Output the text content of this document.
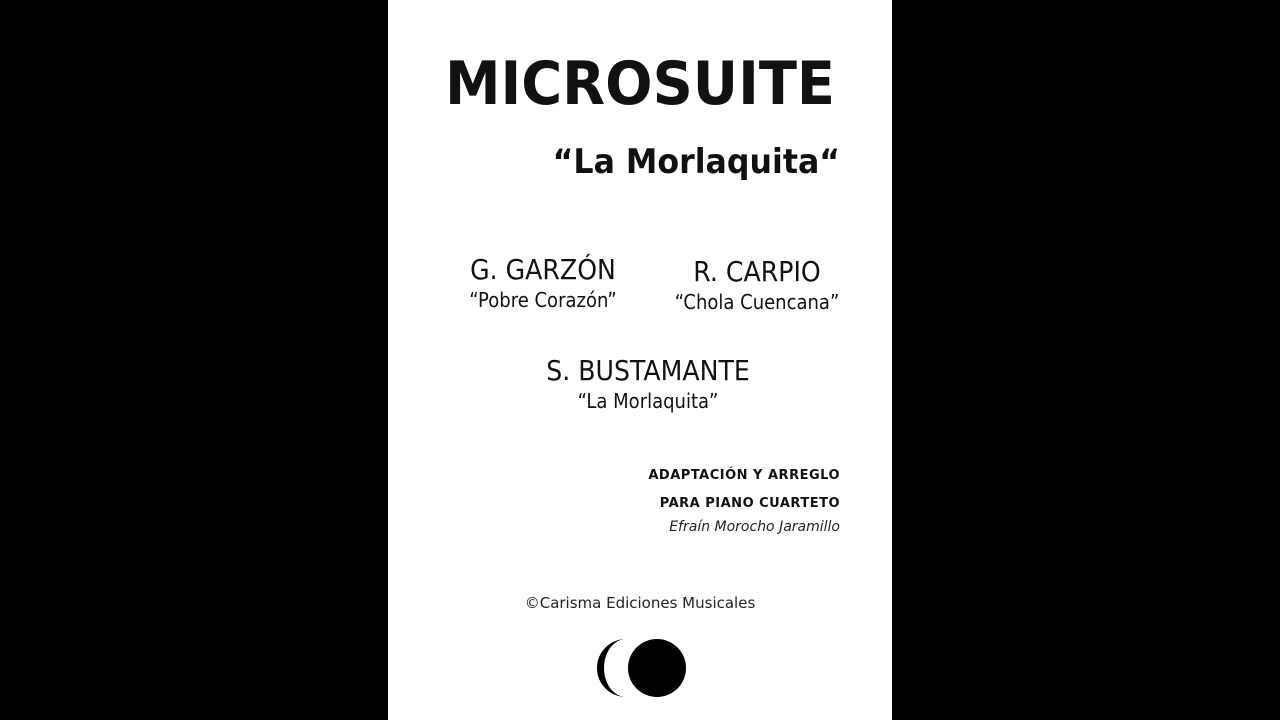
MICROSUITE
“La Morlaquita“
G. GARZÓN
“Pobre Corazón”
R. CARPIO
“Chola Cuencana”
S. BUSTAMANTE
“La Morlaquita”
ADAPTACIÓN Y ARREGLO
PARA PIANO CUARTETO
Efraín Morocho Jaramillo
©Carisma Ediciones Musicales
